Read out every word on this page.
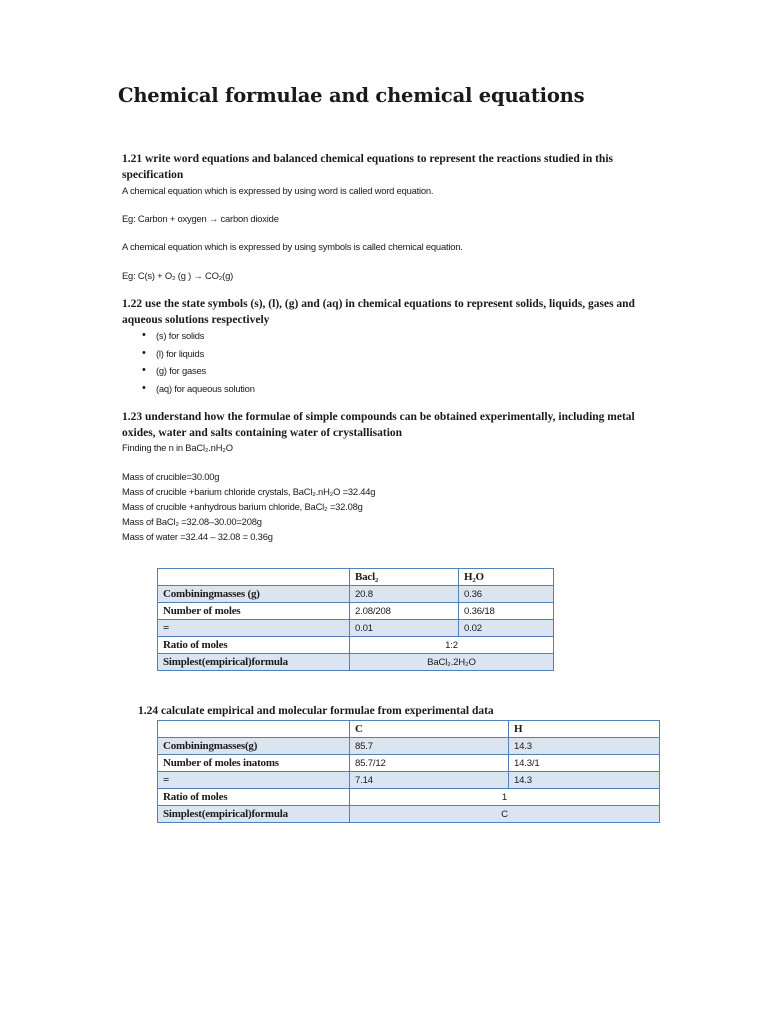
Chemical formulae and chemical equations
1.21 write word equations and balanced chemical equations to represent the reactions studied in this specification
A chemical equation which is expressed by using word is called word equation.
Eg: Carbon + oxygen → carbon dioxide
A chemical equation which is expressed by using symbols is called chemical equation.
Eg: C(s) + O₂ (g ) → CO₂(g)
1.22 use the state symbols (s), (l), (g) and (aq) in chemical equations to represent solids, liquids, gases and aqueous solutions respectively
• (s) for solids
• (l) for liquids
• (g) for gases
• (aq) for aqueous solution
1.23 understand how the formulae of simple compounds can be obtained experimentally, including metal oxides, water and salts containing water of crystallisation
Finding the n in BaCl₂.nH₂O
Mass of crucible=30.00g
Mass of crucible +barium chloride crystals, BaCl₂.nH₂O =32.44g
Mass of crucible +anhydrous barium chloride, BaCl₂ =32.08g
Mass of BaCl₂ =32.08–30.00=208g
Mass of water =32.44 – 32.08 = 0.36g
	Bacl₂	H₂O
Combiningmasses (g)	20.8	0.36
Number of moles	2.08/208	0.36/18
=	0.01	0.02
Ratio of moles	1:2	
Simplest(empirical)formula	BaCl₂.2H₂O	
1.24 calculate empirical and molecular formulae from experimental data
	C	H
Combiningmasses(g)	85.7	14.3
Number of moles inatoms	85.7/12	14.3/1
=	7.14	14.3
Ratio of moles	1	
Simplest(empirical)formula	C	
